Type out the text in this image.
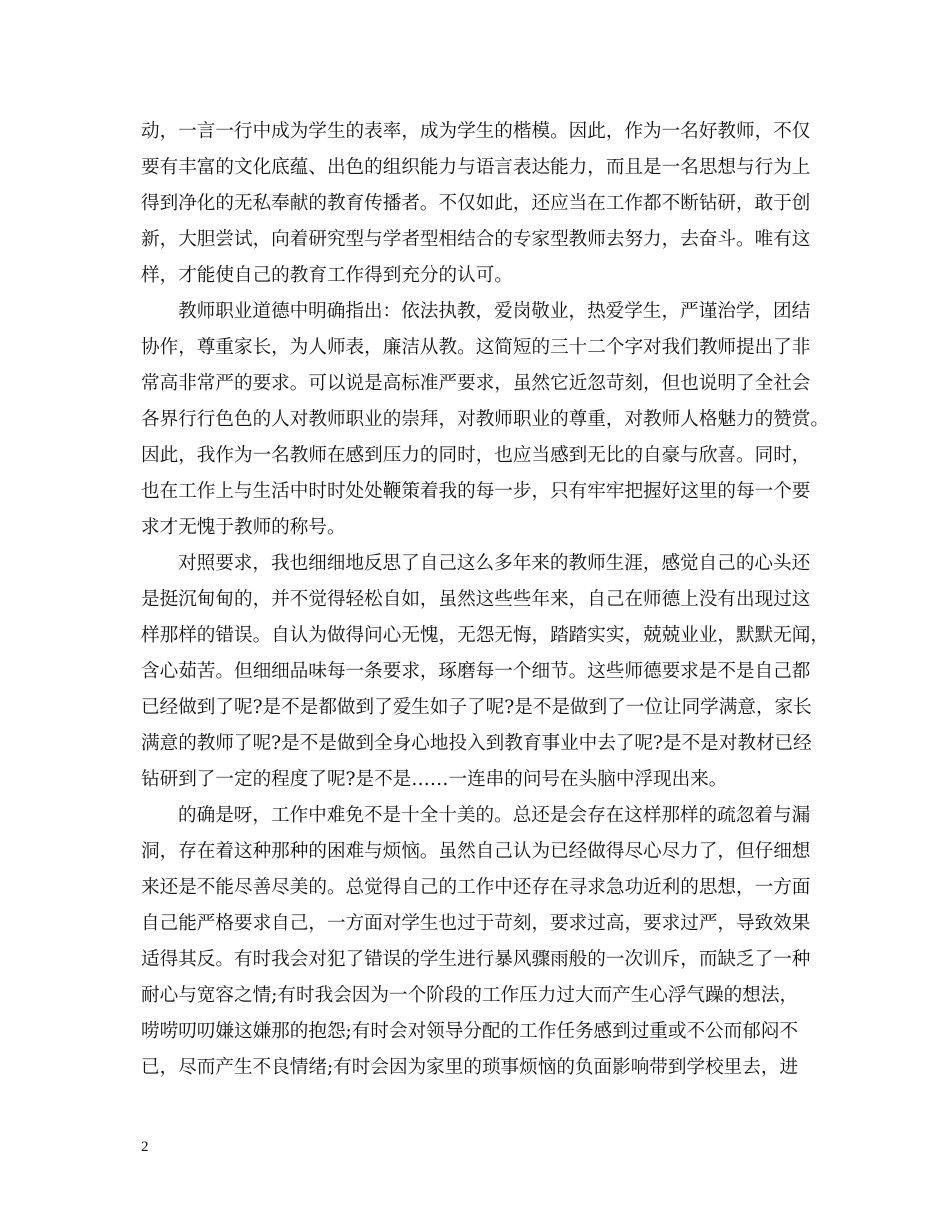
动，一言一行中成为学生的表率，成为学生的楷模。因此，作为一名好教师，不仅
要有丰富的文化底蕴、出色的组织能力与语言表达能力，而且是一名思想与行为上
得到净化的无私奉献的教育传播者。不仅如此，还应当在工作都不断钻研，敢于创
新，大胆尝试，向着研究型与学者型相结合的专家型教师去努力，去奋斗。唯有这
样，才能使自己的教育工作得到充分的认可。
教师职业道德中明确指出：依法执教，爱岗敬业，热爱学生，严谨治学，团结
协作，尊重家长，为人师表，廉洁从教。这简短的三十二个字对我们教师提出了非
常高非常严的要求。可以说是高标准严要求，虽然它近忽苛刻，但也说明了全社会
各界行行色色的人对教师职业的崇拜，对教师职业的尊重，对教师人格魅力的赞赏。
因此，我作为一名教师在感到压力的同时，也应当感到无比的自豪与欣喜。同时，
也在工作上与生活中时时处处鞭策着我的每一步，只有牢牢把握好这里的每一个要
求才无愧于教师的称号。
对照要求，我也细细地反思了自己这么多年来的教师生涯，感觉自己的心头还
是挺沉甸甸的，并不觉得轻松自如，虽然这些些年来，自己在师德上没有出现过这
样那样的错误。自认为做得问心无愧，无怨无悔，踏踏实实，兢兢业业，默默无闻，
含心茹苦。但细细品味每一条要求，琢磨每一个细节。这些师德要求是不是自己都
已经做到了呢?是不是都做到了爱生如子了呢?是不是做到了一位让同学满意，家长
满意的教师了呢?是不是做到全身心地投入到教育事业中去了呢?是不是对教材已经
钻研到了一定的程度了呢?是不是……一连串的问号在头脑中浮现出来。
的确是呀，工作中难免不是十全十美的。总还是会存在这样那样的疏忽着与漏
洞，存在着这种那种的困难与烦恼。虽然自己认为已经做得尽心尽力了，但仔细想
来还是不能尽善尽美的。总觉得自己的工作中还存在寻求急功近利的思想，一方面
自己能严格要求自己，一方面对学生也过于苛刻，要求过高，要求过严，导致效果
适得其反。有时我会对犯了错误的学生进行暴风骤雨般的一次训斥，而缺乏了一种
耐心与宽容之情;有时我会因为一个阶段的工作压力过大而产生心浮气躁的想法，
唠唠叨叨嫌这嫌那的抱怨;有时会对领导分配的工作任务感到过重或不公而郁闷不
已，尽而产生不良情绪;有时会因为家里的琐事烦恼的负面影响带到学校里去，进
2
